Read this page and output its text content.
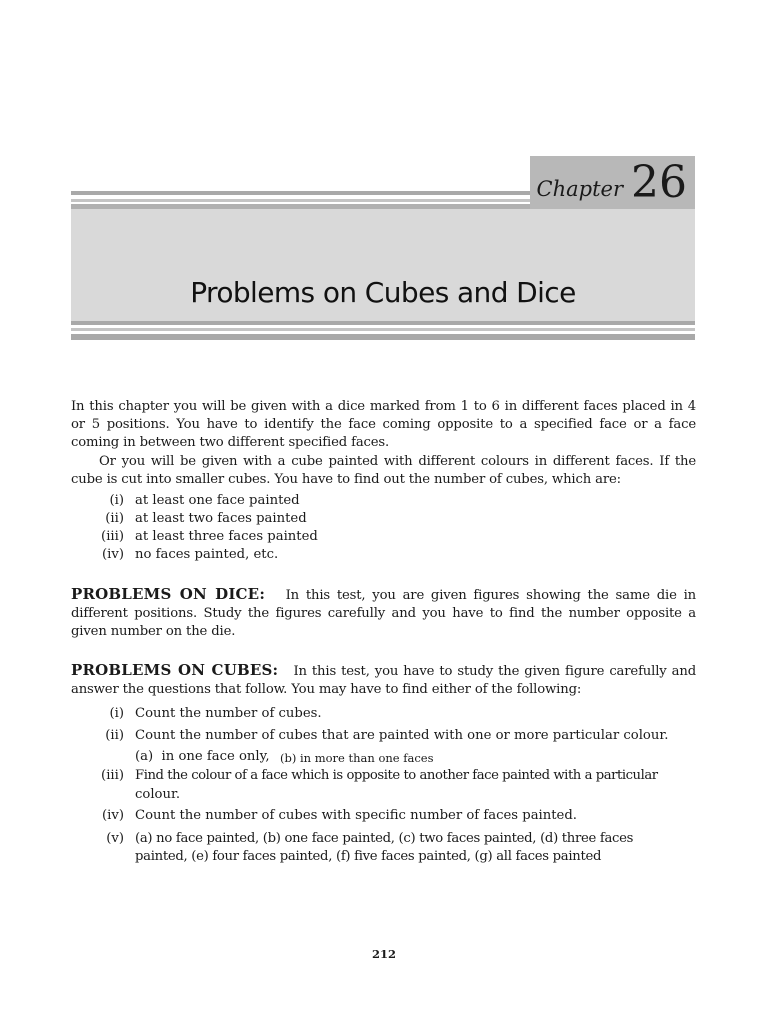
Chapter 26
Problems on Cubes and Dice
In this chapter you will be given with a dice marked from 1 to 6 in different faces placed in 4 or 5 positions. You have to identify the face coming opposite to a specified face or a face coming in between two different specified faces.
Or you will be given with a cube painted with different colours in different faces. If the cube is cut into smaller cubes. You have to find out the number of cubes, which are:
(i) at least one face painted
(ii) at least two faces painted
(iii) at least three faces painted
(iv) no faces painted, etc.
PROBLEMS ON DICE: In this test, you are given figures showing the same die in different positions. Study the figures carefully and you have to find the number opposite a given number on the die.
PROBLEMS ON CUBES: In this test, you have to study the given figure carefully and answer the questions that follow. You may have to find either of the following:
(i) Count the number of cubes.
(ii) Count the number of cubes that are painted with one or more particular colour.
(a)  in one face only, (b) in more than one faces
(iii) Find the colour of a face which is opposite to another face painted with a particular
colour.
(iv) Count the number of cubes with specific number of faces painted.
(v) (a) no face painted, (b) one face painted, (c) two faces painted, (d) three faces
painted, (e) four faces painted, (f) five faces painted, (g) all faces painted
212
